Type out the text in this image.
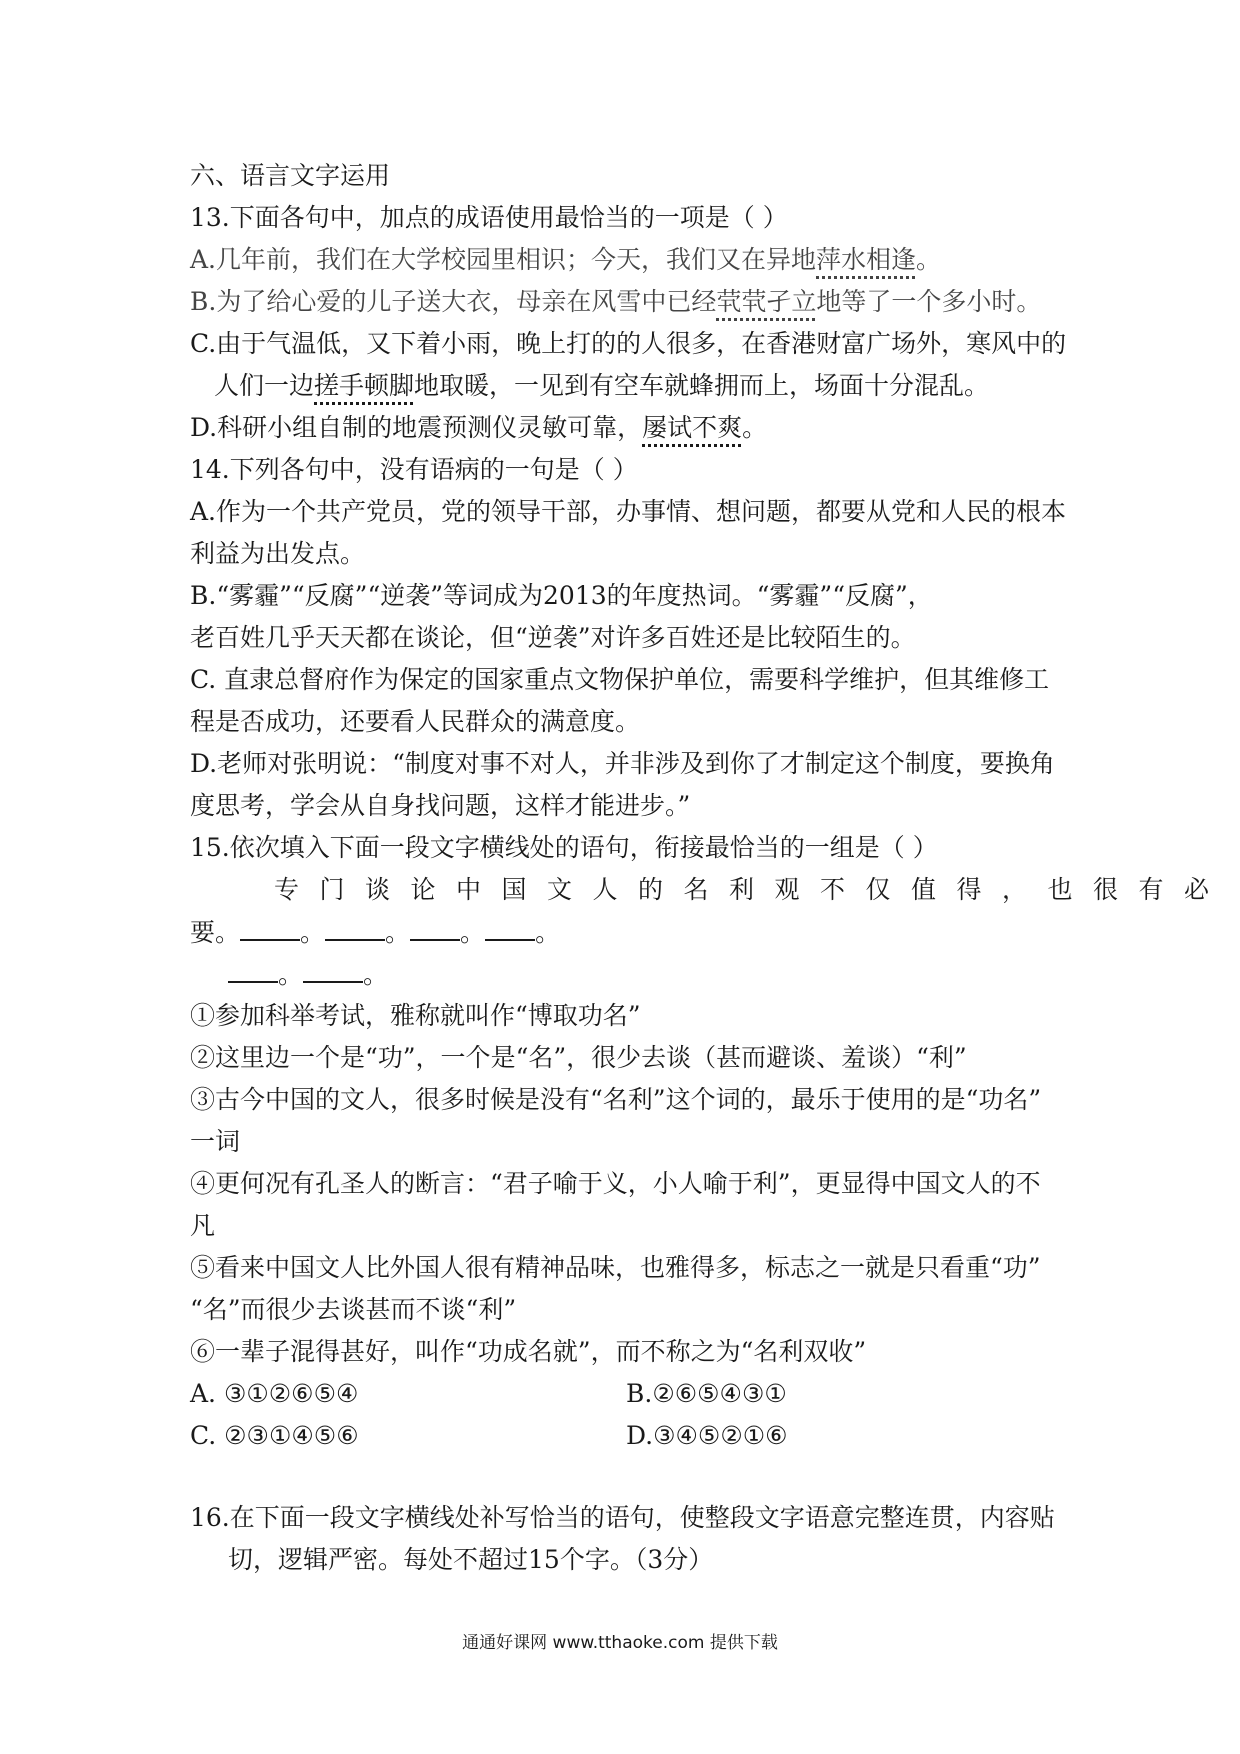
六、语言文字运用

13.下面各句中，加点的成语使用最恰当的一项是（ ）

A.几年前，我们在大学校园里相识；今天，我们又在异地萍水相逢。

B.为了给心爱的儿子送大衣，母亲在风雪中已经茕茕孑立地等了一个多小时。

C.由于气温低，又下着小雨，晚上打的的人很多，在香港财富广场外，寒风中的

人们一边搓手顿脚地取暖，一见到有空车就蜂拥而上，场面十分混乱。

D.科研小组自制的地震预测仪灵敏可靠，屡试不爽。

14.下列各句中，没有语病的一句是（ ）

A.作为一个共产党员，党的领导干部，办事情、想问题，都要从党和人民的根本

利益为出发点。

B.“雾霾”“反腐”“逆袭”等词成为2013的年度热词。“雾霾”“反腐”，

老百姓几乎天天都在谈论，但“逆袭”对许多百姓还是比较陌生的。

C. 直隶总督府作为保定的国家重点文物保护单位，需要科学维护，但其维修工

程是否成功，还要看人民群众的满意度。

D.老师对张明说：“制度对事不对人，并非涉及到你了才制定这个制度，要换角

度思考，学会从自身找问题，这样才能进步。”

15.依次填入下面一段文字横线处的语句，衔接最恰当的一组是（ ）

专门谈论中国文人的名利观不仅值得，也很有必

要。 。 。 。 。

。 。

①参加科举考试，雅称就叫作“博取功名”

②这里边一个是“功”，一个是“名”，很少去谈（甚而避谈、羞谈）“利”

③古今中国的文人，很多时候是没有“名利”这个词的，最乐于使用的是“功名”

一词

④更何况有孔圣人的断言：“君子喻于义，小人喻于利”，更显得中国文人的不

凡

⑤看来中国文人比外国人很有精神品味，也雅得多，标志之一就是只看重“功”

“名”而很少去谈甚而不谈“利”

⑥一辈子混得甚好，叫作“功成名就”，而不称之为“名利双收”

A. ③①②⑥⑤④	B.②⑥⑤④③①

C. ②③①④⑤⑥	D.③④⑤②①⑥

16.在下面一段文字横线处补写恰当的语句，使整段文字语意完整连贯，内容贴

切，逻辑严密。每处不超过15个字。（3分）

通通好课网 www.tthaoke.com 提供下载
